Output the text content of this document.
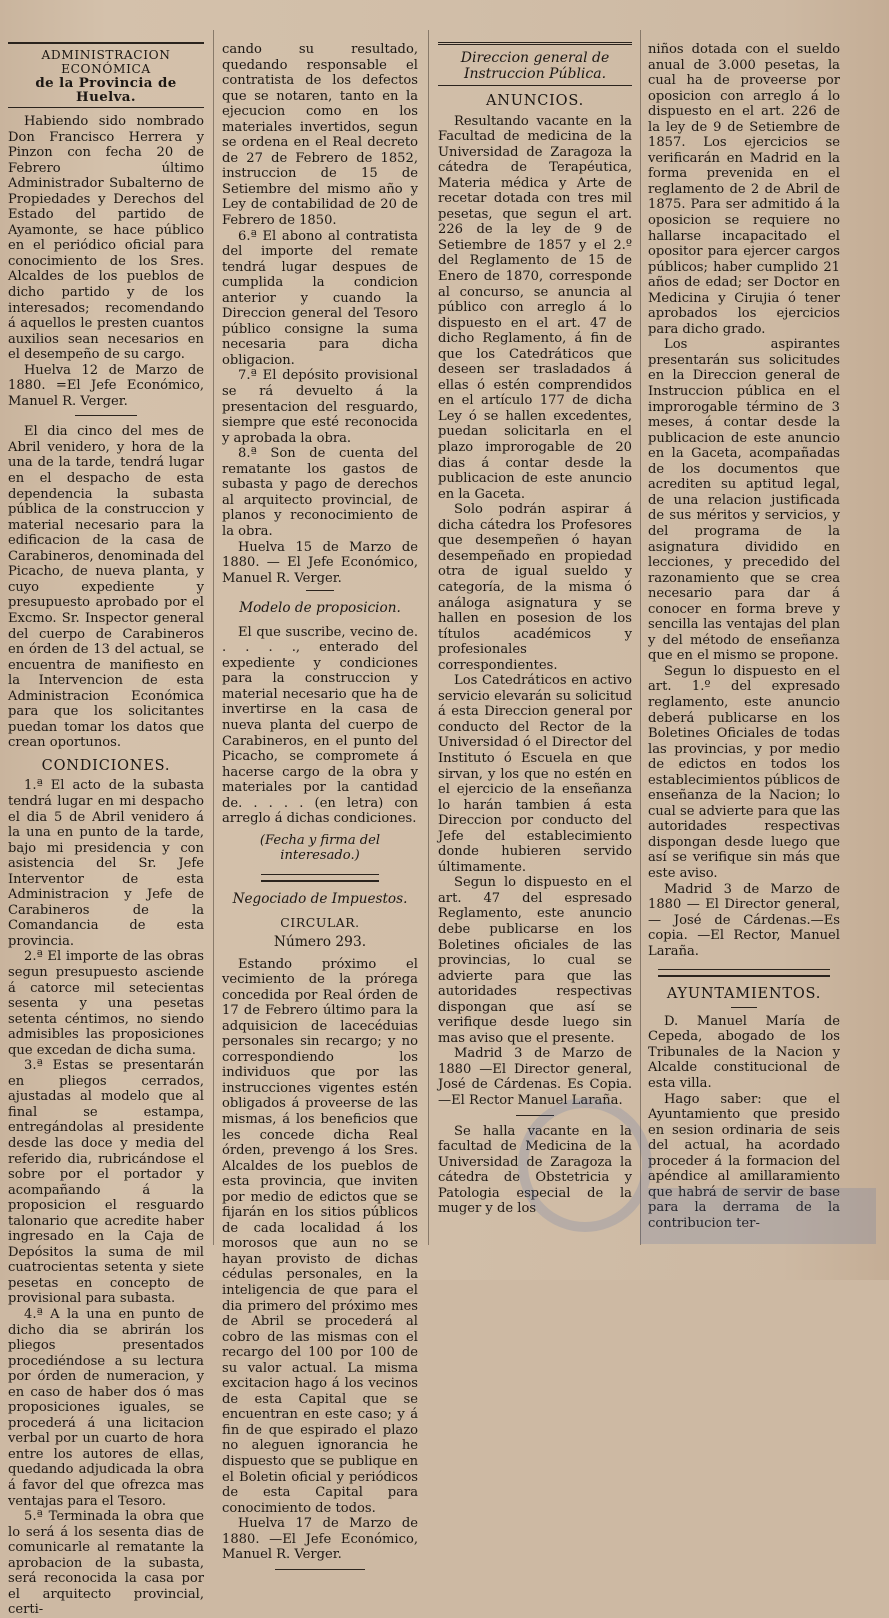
ADMINISTRACION ECONÓMICA
de la Provincia de Huelva.

Habiendo sido nombrado Don Francisco Herrera y Pinzon con fecha 20 de Febrero último Administrador Subalterno de Propiedades y Derechos del Estado del partido de Ayamonte, se hace público en el periódico oficial para conocimiento de los Sres. Alcaldes de los pueblos de dicho partido y de los interesados; recomendando á aquellos le presten cuantos auxilios sean necesarios en el desempeño de su cargo.

Huelva 12 de Marzo de 1880. =El Jefe Económico, Manuel R. Verger.

El dia cinco del mes de Abril venidero, y hora de la una de la tarde, tendrá lugar en el despacho de esta dependencia la subasta pública de la construccion y material necesario para la edificacion de la casa de Carabineros, denominada del Picacho, de nueva planta, y cuyo expediente y presupuesto aprobado por el Excmo. Sr. Inspector general del cuerpo de Carabineros en órden de 13 del actual, se encuentra de manifiesto en la Intervencion de esta Administracion Económica para que los solicitantes puedan tomar los datos que crean oportunos.

CONDICIONES.

1.ª El acto de la subasta tendrá lugar en mi despacho el dia 5 de Abril venidero á la una en punto de la tarde, bajo mi presidencia y con asistencia del Sr. Jefe Interventor de esta Administracion y Jefe de Carabineros de la Comandancia de esta provincia.

2.ª El importe de las obras segun presupuesto asciende á catorce mil setecientas sesenta y una pesetas setenta céntimos, no siendo admisibles las proposiciones que excedan de dicha suma.

3.ª Estas se presentarán en pliegos cerrados, ajustadas al modelo que al final se estampa, entregándolas al presidente desde las doce y media del referido dia, rubricándose el sobre por el portador y acompañando á la proposicion el resguardo talonario que acredite haber ingresado en la Caja de Depósitos la suma de mil cuatrocientas setenta y siete pesetas en concepto de provisional para subasta.

4.ª A la una en punto de dicho dia se abrirán los pliegos presentados procediéndose a su lectura por órden de numeracion, y en caso de haber dos ó mas proposiciones iguales, se procederá á una licitacion verbal por un cuarto de hora entre los autores de ellas, quedando adjudicada la obra á favor del que ofrezca mas ventajas para el Tesoro.

5.ª Terminada la obra que lo será á los sesenta dias de comunicarle al rematante la aprobacion de la subasta, será reconocida la casa por el arquitecto provincial, certi-

cando su resultado, quedando responsable el contratista de los defectos que se notaren, tanto en la ejecucion como en los materiales invertidos, segun se ordena en el Real decreto de 27 de Febrero de 1852, instruccion de 15 de Setiembre del mismo año y Ley de contabilidad de 20 de Febrero de 1850.

6.ª El abono al contratista del importe del remate tendrá lugar despues de cumplida la condicion anterior y cuando la Direccion general del Tesoro público consigne la suma necesaria para dicha obligacion.

7.ª El depósito provisional se rá devuelto á la presentacion del resguardo, siempre que esté reconocida y aprobada la obra.

8.ª Son de cuenta del rematante los gastos de subasta y pago de derechos al arquitecto provincial, de planos y reconocimiento de la obra.

Huelva 15 de Marzo de 1880. — El Jefe Económico, Manuel R. Verger.

Modelo de proposicion.

El que suscribe, vecino de. . . . ., enterado del expediente y condiciones para la construccion y material necesario que ha de invertirse en la casa de nueva planta del cuerpo de Carabineros, en el punto del Picacho, se compromete á hacerse cargo de la obra y materiales por la cantidad de. . . . . (en letra) con arreglo á dichas condiciones.

(Fecha y firma del interesado.)

Negociado de Impuestos.
CIRCULAR.
Número 293.

Estando próximo el vecimiento de la prórega concedida por Real órden de 17 de Febrero último para la adquisicion de lacecéduias personales sin recargo; y no correspondiendo los individuos que por las instrucciones vigentes estén obligados á proveerse de las mismas, á los beneficios que les concede dicha Real órden, prevengo á los Sres. Alcaldes de los pueblos de esta provincia, que inviten por medio de edictos que se fijarán en los sitios públicos de cada localidad á los morosos que aun no se hayan provisto de dichas cédulas personales, en la inteligencia de que para el dia primero del próximo mes de Abril se procederá al cobro de las mismas con el recargo del 100 por 100 de su valor actual. La misma excitacion hago á los vecinos de esta Capital que se encuentran en este caso; y á fin de que espirado el plazo no aleguen ignorancia he dispuesto que se publique en el Boletin oficial y periódicos de esta Capital para conocimiento de todos.

Huelva 17 de Marzo de 1880. —El Jefe Económico, Manuel R. Verger.

Direccion general de Instruccion Pública.
ANUNCIOS.

Resultando vacante en la Facultad de medicina de la Universidad de Zaragoza la cátedra de Terapéutica, Materia médica y Arte de recetar dotada con tres mil pesetas, que segun el art. 226 de la ley de 9 de Setiembre de 1857 y el 2.º del Reglamento de 15 de Enero de 1870, corresponde al concurso, se anuncia al público con arreglo á lo dispuesto en el art. 47 de dicho Reglamento, á fin de que los Catedráticos que deseen ser trasladados á ellas ó estén comprendidos en el artículo 177 de dicha Ley ó se hallen excedentes, puedan solicitarla en el plazo improrogable de 20 dias á contar desde la publicacion de este anuncio en la Gaceta.

Solo podrán aspirar á dicha cátedra los Profesores que desempeñen ó hayan desempeñado en propiedad otra de igual sueldo y categoría, de la misma ó análoga asignatura y se hallen en posesion de los títulos académicos y profesionales correspondientes.

Los Catedráticos en activo servicio elevarán su solicitud á esta Direccion general por conducto del Rector de la Universidad ó el Director del Instituto ó Escuela en que sirvan, y los que no estén en el ejercicio de la enseñanza lo harán tambien á esta Direccion por conducto del Jefe del establecimiento donde hubieren servido últimamente.

Segun lo dispuesto en el art. 47 del espresado Reglamento, este anuncio debe publicarse en los Boletines oficiales de las provincias, lo cual se advierte para que las autoridades respectivas dispongan que así se verifique desde luego sin mas aviso que el presente.

Madrid 3 de Marzo de 1880 —El Director general, José de Cárdenas. Es Copia.—El Rector Manuel Laraña.

Se halla vacante en la facultad de Medicina de la Universidad de Zaragoza la cátedra de Obstetricia y Patologia especial de la muger y de los

niños dotada con el sueldo anual de 3.000 pesetas, la cual ha de proveerse por oposicion con arreglo á lo dispuesto en el art. 226 de la ley de 9 de Setiembre de 1857. Los ejercicios se verificarán en Madrid en la forma prevenida en el reglamento de 2 de Abril de 1875. Para ser admitido á la oposicion se requiere no hallarse incapacitado el opositor para ejercer cargos públicos; haber cumplido 21 años de edad; ser Doctor en Medicina y Cirujia ó tener aprobados los ejercicios para dicho grado.

Los aspirantes presentarán sus solicitudes en la Direccion general de Instruccion pública en el improrogable término de 3 meses, á contar desde la publicacion de este anuncio en la Gaceta, acompañadas de los documentos que acrediten su aptitud legal, de una relacion justificada de sus méritos y servicios, y del programa de la asignatura dividido en lecciones, y precedido del razonamiento que se crea necesario para dar á conocer en forma breve y sencilla las ventajas del plan y del método de enseñanza que en el mismo se propone.

Segun lo dispuesto en el art. 1.º del expresado reglamento, este anuncio deberá publicarse en los Boletines Oficiales de todas las provincias, y por medio de edictos en todos los establecimientos públicos de enseñanza de la Nacion; lo cual se advierte para que las autoridades respectivas dispongan desde luego que así se verifique sin más que este aviso.

Madrid 3 de Marzo de 1880 — El Director general, — José de Cárdenas.—Es copia. —El Rector, Manuel Laraña.

AYUNTAMIENTOS.

D. Manuel María de Cepeda, abogado de los Tribunales de la Nacion y Alcalde constitucional de esta villa.

Hago saber: que el Ayuntamiento que presido en sesion ordinaria de seis del actual, ha acordado proceder á la formacion del apéndice al amillaramiento que habrá de servir de base para la derrama de la contribucion ter-
